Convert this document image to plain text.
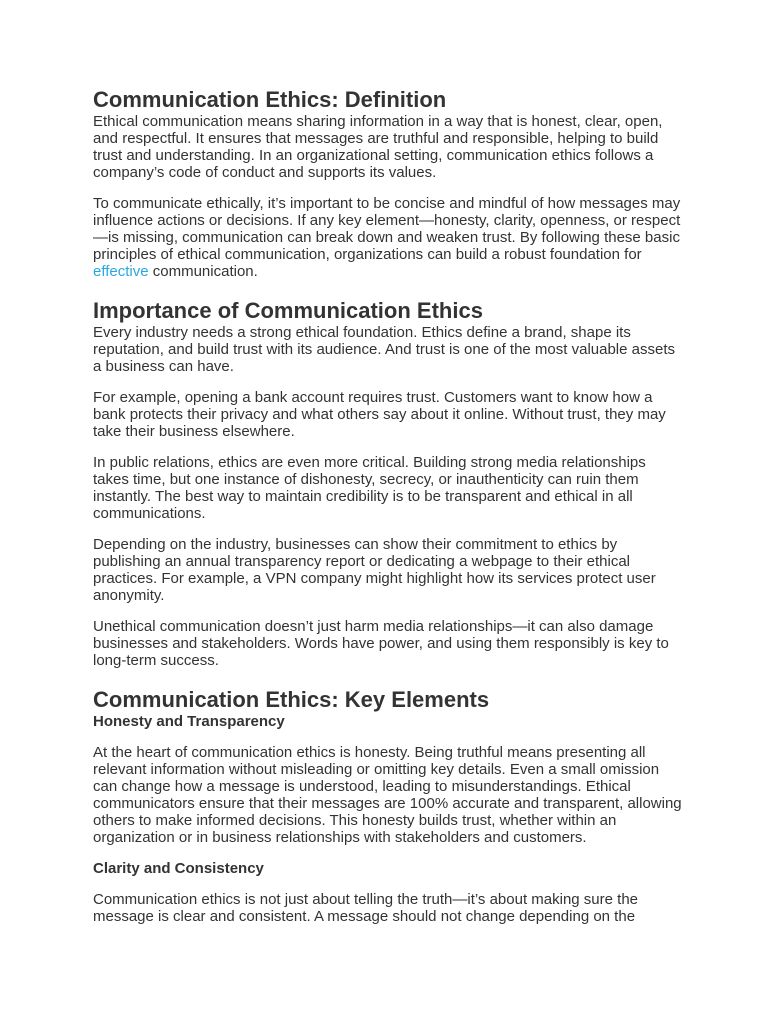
Communication Ethics: Definition

Ethical communication means sharing information in a way that is honest, clear, open, and respectful. It ensures that messages are truthful and responsible, helping to build trust and understanding. In an organizational setting, communication ethics follows a company’s code of conduct and supports its values.

To communicate ethically, it’s important to be concise and mindful of how messages may influence actions or decisions. If any key element—honesty, clarity, openness, or respect—is missing, communication can break down and weaken trust. By following these basic principles of ethical communication, organizations can build a robust foundation for effective communication.

Importance of Communication Ethics

Every industry needs a strong ethical foundation. Ethics define a brand, shape its reputation, and build trust with its audience. And trust is one of the most valuable assets a business can have.

For example, opening a bank account requires trust. Customers want to know how a bank protects their privacy and what others say about it online. Without trust, they may take their business elsewhere.

In public relations, ethics are even more critical. Building strong media relationships takes time, but one instance of dishonesty, secrecy, or inauthenticity can ruin them instantly. The best way to maintain credibility is to be transparent and ethical in all communications.

Depending on the industry, businesses can show their commitment to ethics by publishing an annual transparency report or dedicating a webpage to their ethical practices. For example, a VPN company might highlight how its services protect user anonymity.

Unethical communication doesn’t just harm media relationships—it can also damage businesses and stakeholders. Words have power, and using them responsibly is key to long-term success.

Communication Ethics: Key Elements
Honesty and Transparency

At the heart of communication ethics is honesty. Being truthful means presenting all relevant information without misleading or omitting key details. Even a small omission can change how a message is understood, leading to misunderstandings. Ethical communicators ensure that their messages are 100% accurate and transparent, allowing others to make informed decisions. This honesty builds trust, whether within an organization or in business relationships with stakeholders and customers.

Clarity and Consistency

Communication ethics is not just about telling the truth—it’s about making sure the message is clear and consistent. A message should not change depending on the
